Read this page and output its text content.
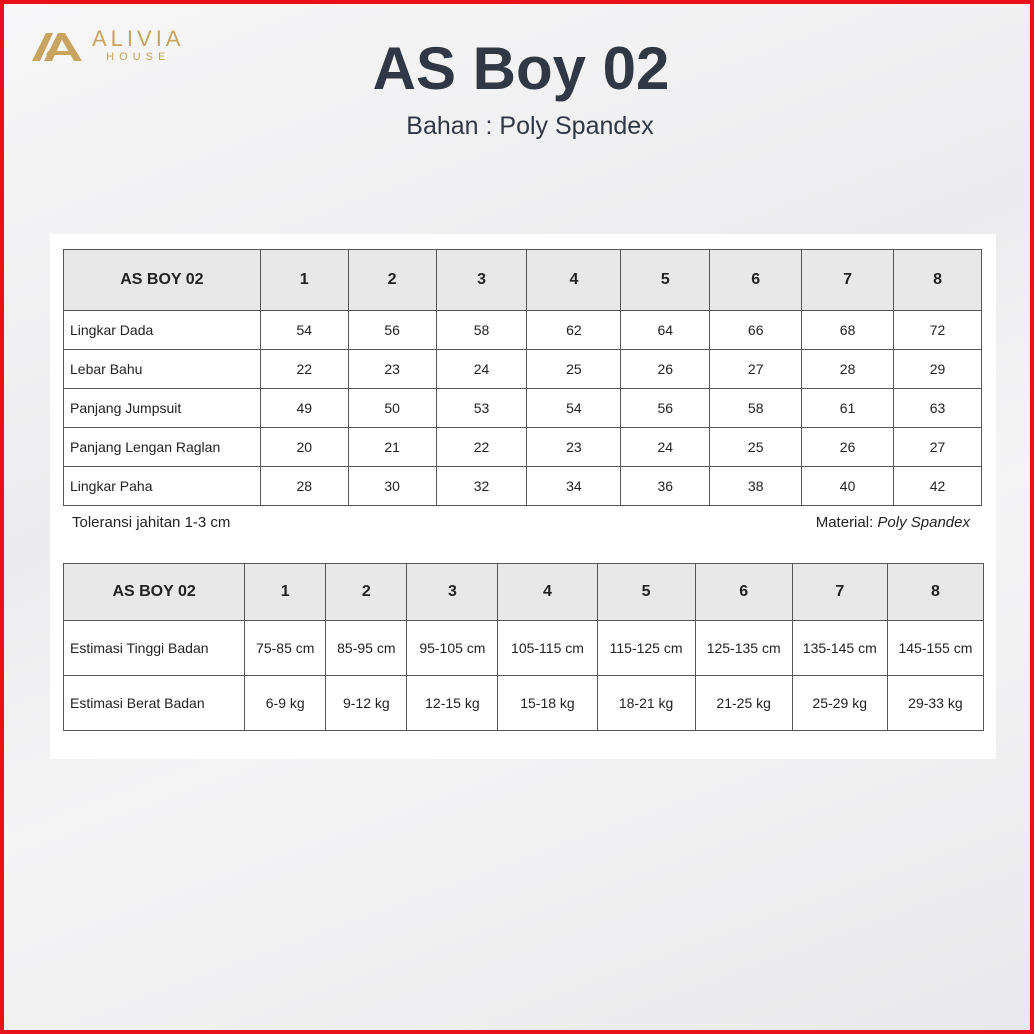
ALIVIA
HOUSE	AS Boy 02
Bahan : Poly Spandex
AS BOY 02	1	2	3	4	5	6	7	8
Lingkar Dada	54	56	58	62	64	66	68	72
Lebar Bahu	22	23	24	25	26	27	28	29
Panjang Jumpsuit	49	50	53	54	56	58	61	63
Panjang Lengan Raglan	20	21	22	23	24	25	26	27
Lingkar Paha	28	30	32	34	36	38	40	42
Toleransi jahitan 1-3 cm	Material: Poly Spandex
AS BOY 02	1	2	3	4	5	6	7	8
Estimasi Tinggi Badan	75-85 cm	85-95 cm	95-105 cm	105-115 cm	115-125 cm	125-135 cm	135-145 cm	145-155 cm
Estimasi Berat Badan	6-9 kg	9-12 kg	12-15 kg	15-18 kg	18-21 kg	21-25 kg	25-29 kg	29-33 kg
